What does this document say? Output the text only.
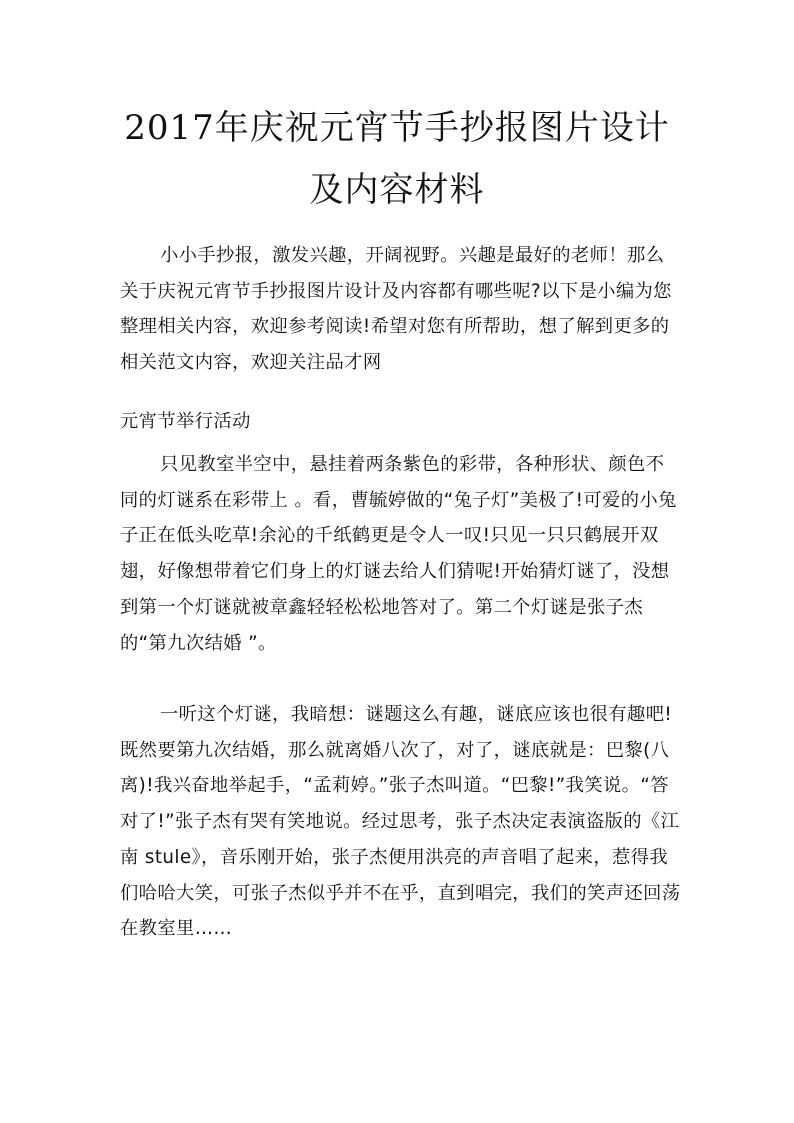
2017年庆祝元宵节手抄报图片设计
及内容材料

小小手抄报，激发兴趣，开阔视野。兴趣是最好的老师！那么关于庆祝元宵节手抄报图片设计及内容都有哪些呢?以下是小编为您整理相关内容，欢迎参考阅读!希望对您有所帮助，想了解到更多的相关范文内容，欢迎关注品才网

元宵节举行活动

只见教室半空中，悬挂着两条紫色的彩带，各种形状、颜色不同的灯谜系在彩带上 。看，曹毓婷做的“兔子灯”美极了!可爱的小兔子正在低头吃草!余沁的千纸鹤更是令人一叹!只见一只只鹤展开双翅，好像想带着它们身上的灯谜去给人们猜呢!开始猜灯谜了，没想到第一个灯谜就被章鑫轻轻松松地答对了。第二个灯谜是张子杰的“第九次结婚 ”。

一听这个灯谜，我暗想：谜题这么有趣，谜底应该也很有趣吧!既然要第九次结婚，那么就离婚八次了，对了，谜底就是：巴黎(八离)!我兴奋地举起手，“孟莉婷。”张子杰叫道。“巴黎!”我笑说。“答对了!”张子杰有哭有笑地说。经过思考，张子杰决定表演盗版的《江南 stule》，音乐刚开始，张子杰便用洪亮的声音唱了起来，惹得我们哈哈大笑，可张子杰似乎并不在乎，直到唱完，我们的笑声还回荡在教室里……
